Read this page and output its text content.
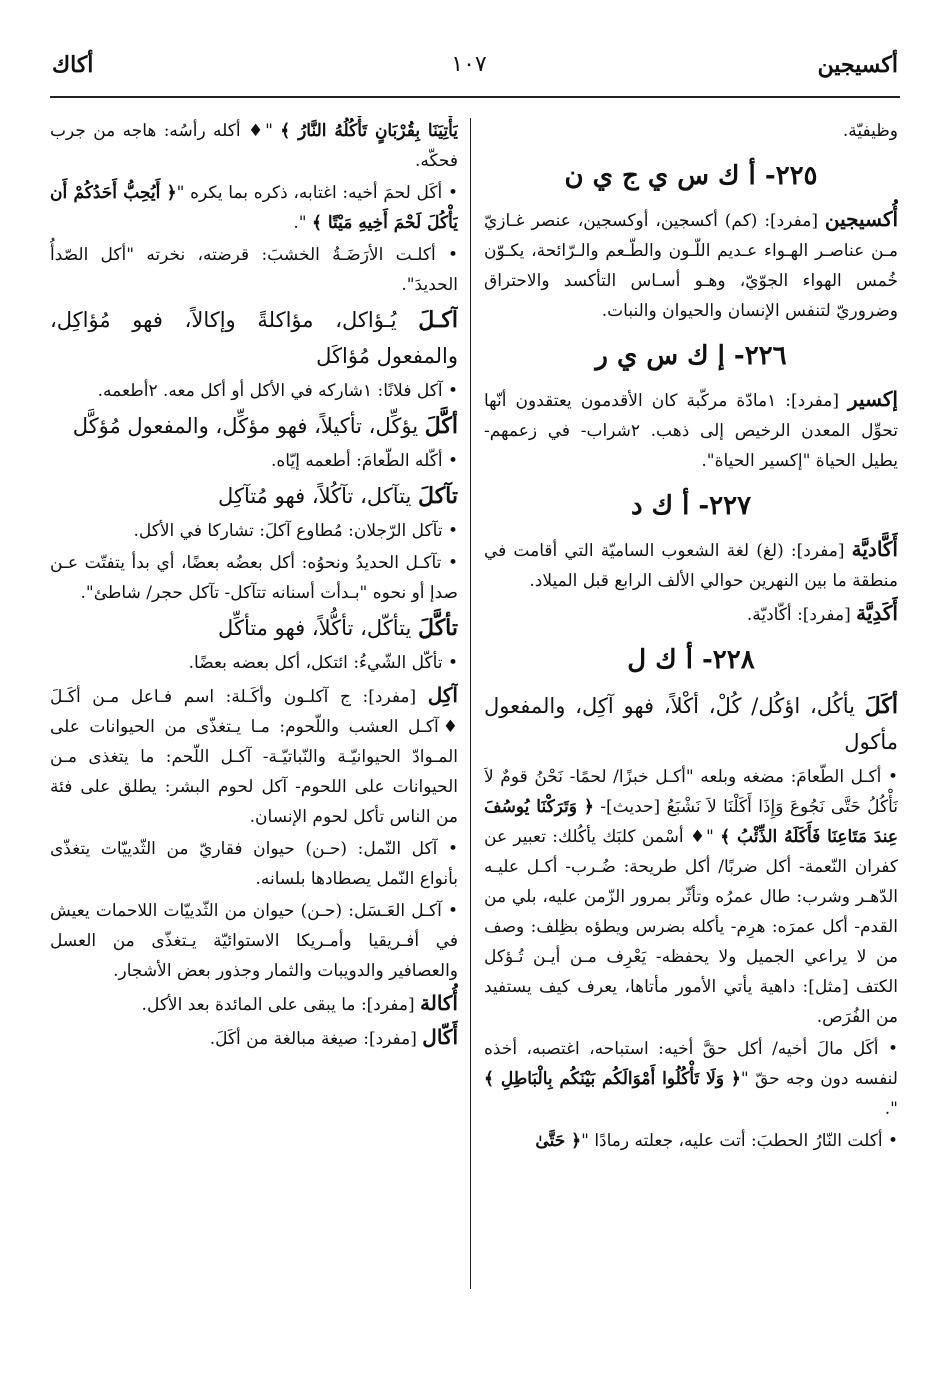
أكسيجين
١٠٧
أكاك

وظيفيّة.

٢٢٥- أ ك س ي ج ي ن

أُكسيجين [مفرد]: (كم) أكسجين، أوكسجين، عنصر غـازيّ مـن عناصـر الهـواء عـديم اللّـون والطّـعم والـرّائحة، يكـوّن خُمس الهواء الجوّيّ، وهـو أسـاس التأكسد والاحتراق وضروريّ لتنفس الإنسان والحيوان والنبات.

٢٢٦- إ ك س ي ر

إكسير [مفرد]: ١مادّة مركّبة كان الأقدمون يعتقدون أنّها تحوِّل المعدن الرخيص إلى ذهب. ٢شراب- في زعمهم- يطيل الحياة "إكسير الحياة".

٢٢٧- أ ك د

أَكَّاديَّة [مفرد]: (لغ) لغة الشعوب الساميّة التي أقامت في منطقة ما بين النهرين حوالي الألف الرابع قبل الميلاد.

أَكَدِيَّة [مفرد]: أكّاديّة.

٢٢٨- أ ك ل

أكَلَ يأكُل، اؤكُل/ كُلْ، أكْلاً، فهو آكِل، والمفعول مأكول

• أكـل الطّعامَ: مضغه وبلعه "أكـل خبزًا/ لحمًا- نَحْنُ قومٌ لاَ نَأْكُلُ حَتَّى نَجُوعَ وَإِذَا أَكَلْنَا لاَ نَشْبَعُ [حديث]- ﴿ وَتَرَكْنَا يُوسُفَ عِندَ مَتَاعِنَا فَأَكَلَهُ الذِّئْبُ ﴾ "♦ أسْمن كلبَك يأكُلك: تعبير عن كفران النّعمة- أكل ضربًا/ أكل طريحة: ضُـرب- أكـل عليـه الدّهـر وشرب: طال عمرُه وتأثّر بمرور الزّمن عليه، بلي من القدم- أكل عمرَه: هرِم- يأكله بضرس ويطؤه بظِلف: وصف من لا يراعي الجميل ولا يحفظه- يَعْرِف مـن أيـن تُـؤكل الكتف [مثل]: داهية يأتي الأمور مأتاها، يعرف كيف يستفيد من الفُرَص.

• أكَل مالَ أخيه/ أكل حقَّ أخيه: استباحه، اغتصبه، أخذه لنفسه دون وجه حقّ "﴿ وَلَا تَأْكُلُوا أَمْوَالَكُم بَيْنَكُم بِالْبَاطِلِ ﴾ ".

• أكلت النّارُ الحطبَ: أتت عليه، جعلته رمادًا "﴿ حَتَّىٰ

يَأْتِيَنَا بِقُرْبَانٍ تَأْكُلُهُ النَّارُ ﴾ "♦ أكله رأسُه: هاجه من جرب فحكّه.

• أكَل لحمَ أخيه: اغتابه، ذكره بما يكره "﴿ أَيُحِبُّ أَحَدُكُمْ أَن يَأْكُلَ لَحْمَ أَخِيهِ مَيْتًا ﴾ ".

• أكلـت الأرَضَـةُ الخشبَ: قرضته، نخرته "أكل الصّدأُ الحديدَ".

آكـلَ يُـؤاكل، مؤاكلةً وإكالاً، فهو مُؤاكِل، والمفعول مُؤاكَل

• آكل فلانًا: ١شاركه في الأكل أو أكل معه. ٢أطعمه.

أكَّلَ يؤكِّل، تأكيلاً، فهو مؤكِّل، والمفعول مُؤكَّل

• أكّله الطّعامَ: أطعمه إيّاه.

تآكلَ يتآكل، تآكُلاً، فهو مُتآكِل

• تآكل الرّجلان: مُطاوع آكلَ: تشاركا في الأكل.

• تآكـل الحديدُ ونحوُه: أكل بعضُه بعضًا، أي بدأ يتفتّت عـن صدإ أو نحوه "بـدأت أسنانه تتآكل- تآكل حجر/ شاطئ".

تأكَّلَ يتأكّل، تأكُّلاً، فهو متأكِّل

• تأكّل الشّيءُ: ائتكل، أكل بعضه بعضًا.

آكِل [مفرد]: ج آكلـون وأكَـلة: اسم فـاعل مـن أكَـلَ ♦آكـل العشب واللّحوم: مـا يـتغذّى من الحيوانات على المـوادّ الحيوانيّـة والنّباتيّـة- آكـل اللّحم: ما يتغذى مـن الحيوانات على اللحوم- آكل لحوم البشر: يطلق على فئة من الناس تأكل لحوم الإنسان.

• آكل النّمل: (حـن) حيوان فقاريّ من الثّدييّات يتغذّى بأنواع النّمل يصطادها بلسانه.

• آكـل العَـسَل: (حـن) حيوان من الثّدييّات اللاحمات يعيش في أفـريقيا وأمـريكا الاستوائيّة يـتغذّى من العسل والعصافير والدويبات والثمار وجذور بعض الأشجار.

أُكالة [مفرد]: ما يبقى على المائدة بعد الأكل.

أَكّال [مفرد]: صيغة مبالغة من أكَلَ.
